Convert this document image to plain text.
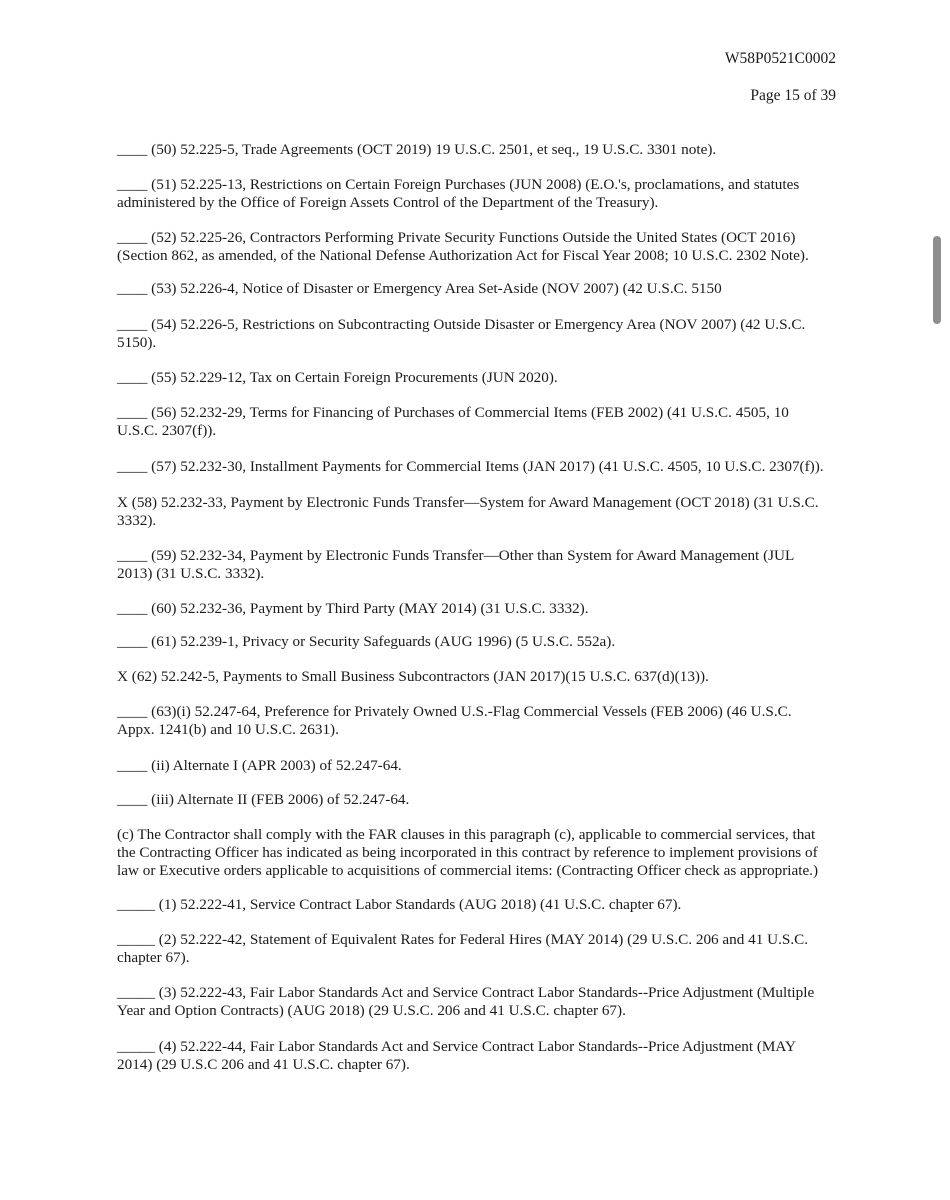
W58P0521C0002
Page 15 of 39
____ (50) 52.225-5, Trade Agreements (OCT 2019) 19 U.S.C. 2501, et seq., 19 U.S.C. 3301 note).
____ (51) 52.225-13, Restrictions on Certain Foreign Purchases (JUN 2008) (E.O.'s, proclamations, and statutes
administered by the Office of Foreign Assets Control of the Department of the Treasury).
____ (52) 52.225-26, Contractors Performing Private Security Functions Outside the United States (OCT 2016)
(Section 862, as amended, of the National Defense Authorization Act for Fiscal Year 2008; 10 U.S.C. 2302 Note).
____ (53) 52.226-4, Notice of Disaster or Emergency Area Set-Aside (NOV 2007) (42 U.S.C. 5150
____ (54) 52.226-5, Restrictions on Subcontracting Outside Disaster or Emergency Area (NOV 2007) (42 U.S.C.
5150).
____ (55) 52.229-12, Tax on Certain Foreign Procurements (JUN 2020).
____ (56) 52.232-29, Terms for Financing of Purchases of Commercial Items (FEB 2002) (41 U.S.C. 4505, 10
U.S.C. 2307(f)).
____ (57) 52.232-30, Installment Payments for Commercial Items (JAN 2017) (41 U.S.C. 4505, 10 U.S.C. 2307(f)).
X (58) 52.232-33, Payment by Electronic Funds Transfer—System for Award Management (OCT 2018) (31 U.S.C.
3332).
____ (59) 52.232-34, Payment by Electronic Funds Transfer—Other than System for Award Management (JUL
2013) (31 U.S.C. 3332).
____ (60) 52.232-36, Payment by Third Party (MAY 2014) (31 U.S.C. 3332).
____ (61) 52.239-1, Privacy or Security Safeguards (AUG 1996) (5 U.S.C. 552a).
X (62) 52.242-5, Payments to Small Business Subcontractors (JAN 2017)(15 U.S.C. 637(d)(13)).
____ (63)(i) 52.247-64, Preference for Privately Owned U.S.-Flag Commercial Vessels (FEB 2006) (46 U.S.C.
Appx. 1241(b) and 10 U.S.C. 2631).
____ (ii) Alternate I (APR 2003) of 52.247-64.
____ (iii) Alternate II (FEB 2006) of 52.247-64.
(c) The Contractor shall comply with the FAR clauses in this paragraph (c), applicable to commercial services, that
the Contracting Officer has indicated as being incorporated in this contract by reference to implement provisions of
law or Executive orders applicable to acquisitions of commercial items: (Contracting Officer check as appropriate.)
_____ (1) 52.222-41, Service Contract Labor Standards (AUG 2018) (41 U.S.C. chapter 67).
_____ (2) 52.222-42, Statement of Equivalent Rates for Federal Hires (MAY 2014) (29 U.S.C. 206 and 41 U.S.C.
chapter 67).
_____ (3) 52.222-43, Fair Labor Standards Act and Service Contract Labor Standards--Price Adjustment (Multiple
Year and Option Contracts) (AUG 2018) (29 U.S.C. 206 and 41 U.S.C. chapter 67).
_____ (4) 52.222-44, Fair Labor Standards Act and Service Contract Labor Standards--Price Adjustment (MAY
2014) (29 U.S.C 206 and 41 U.S.C. chapter 67).
